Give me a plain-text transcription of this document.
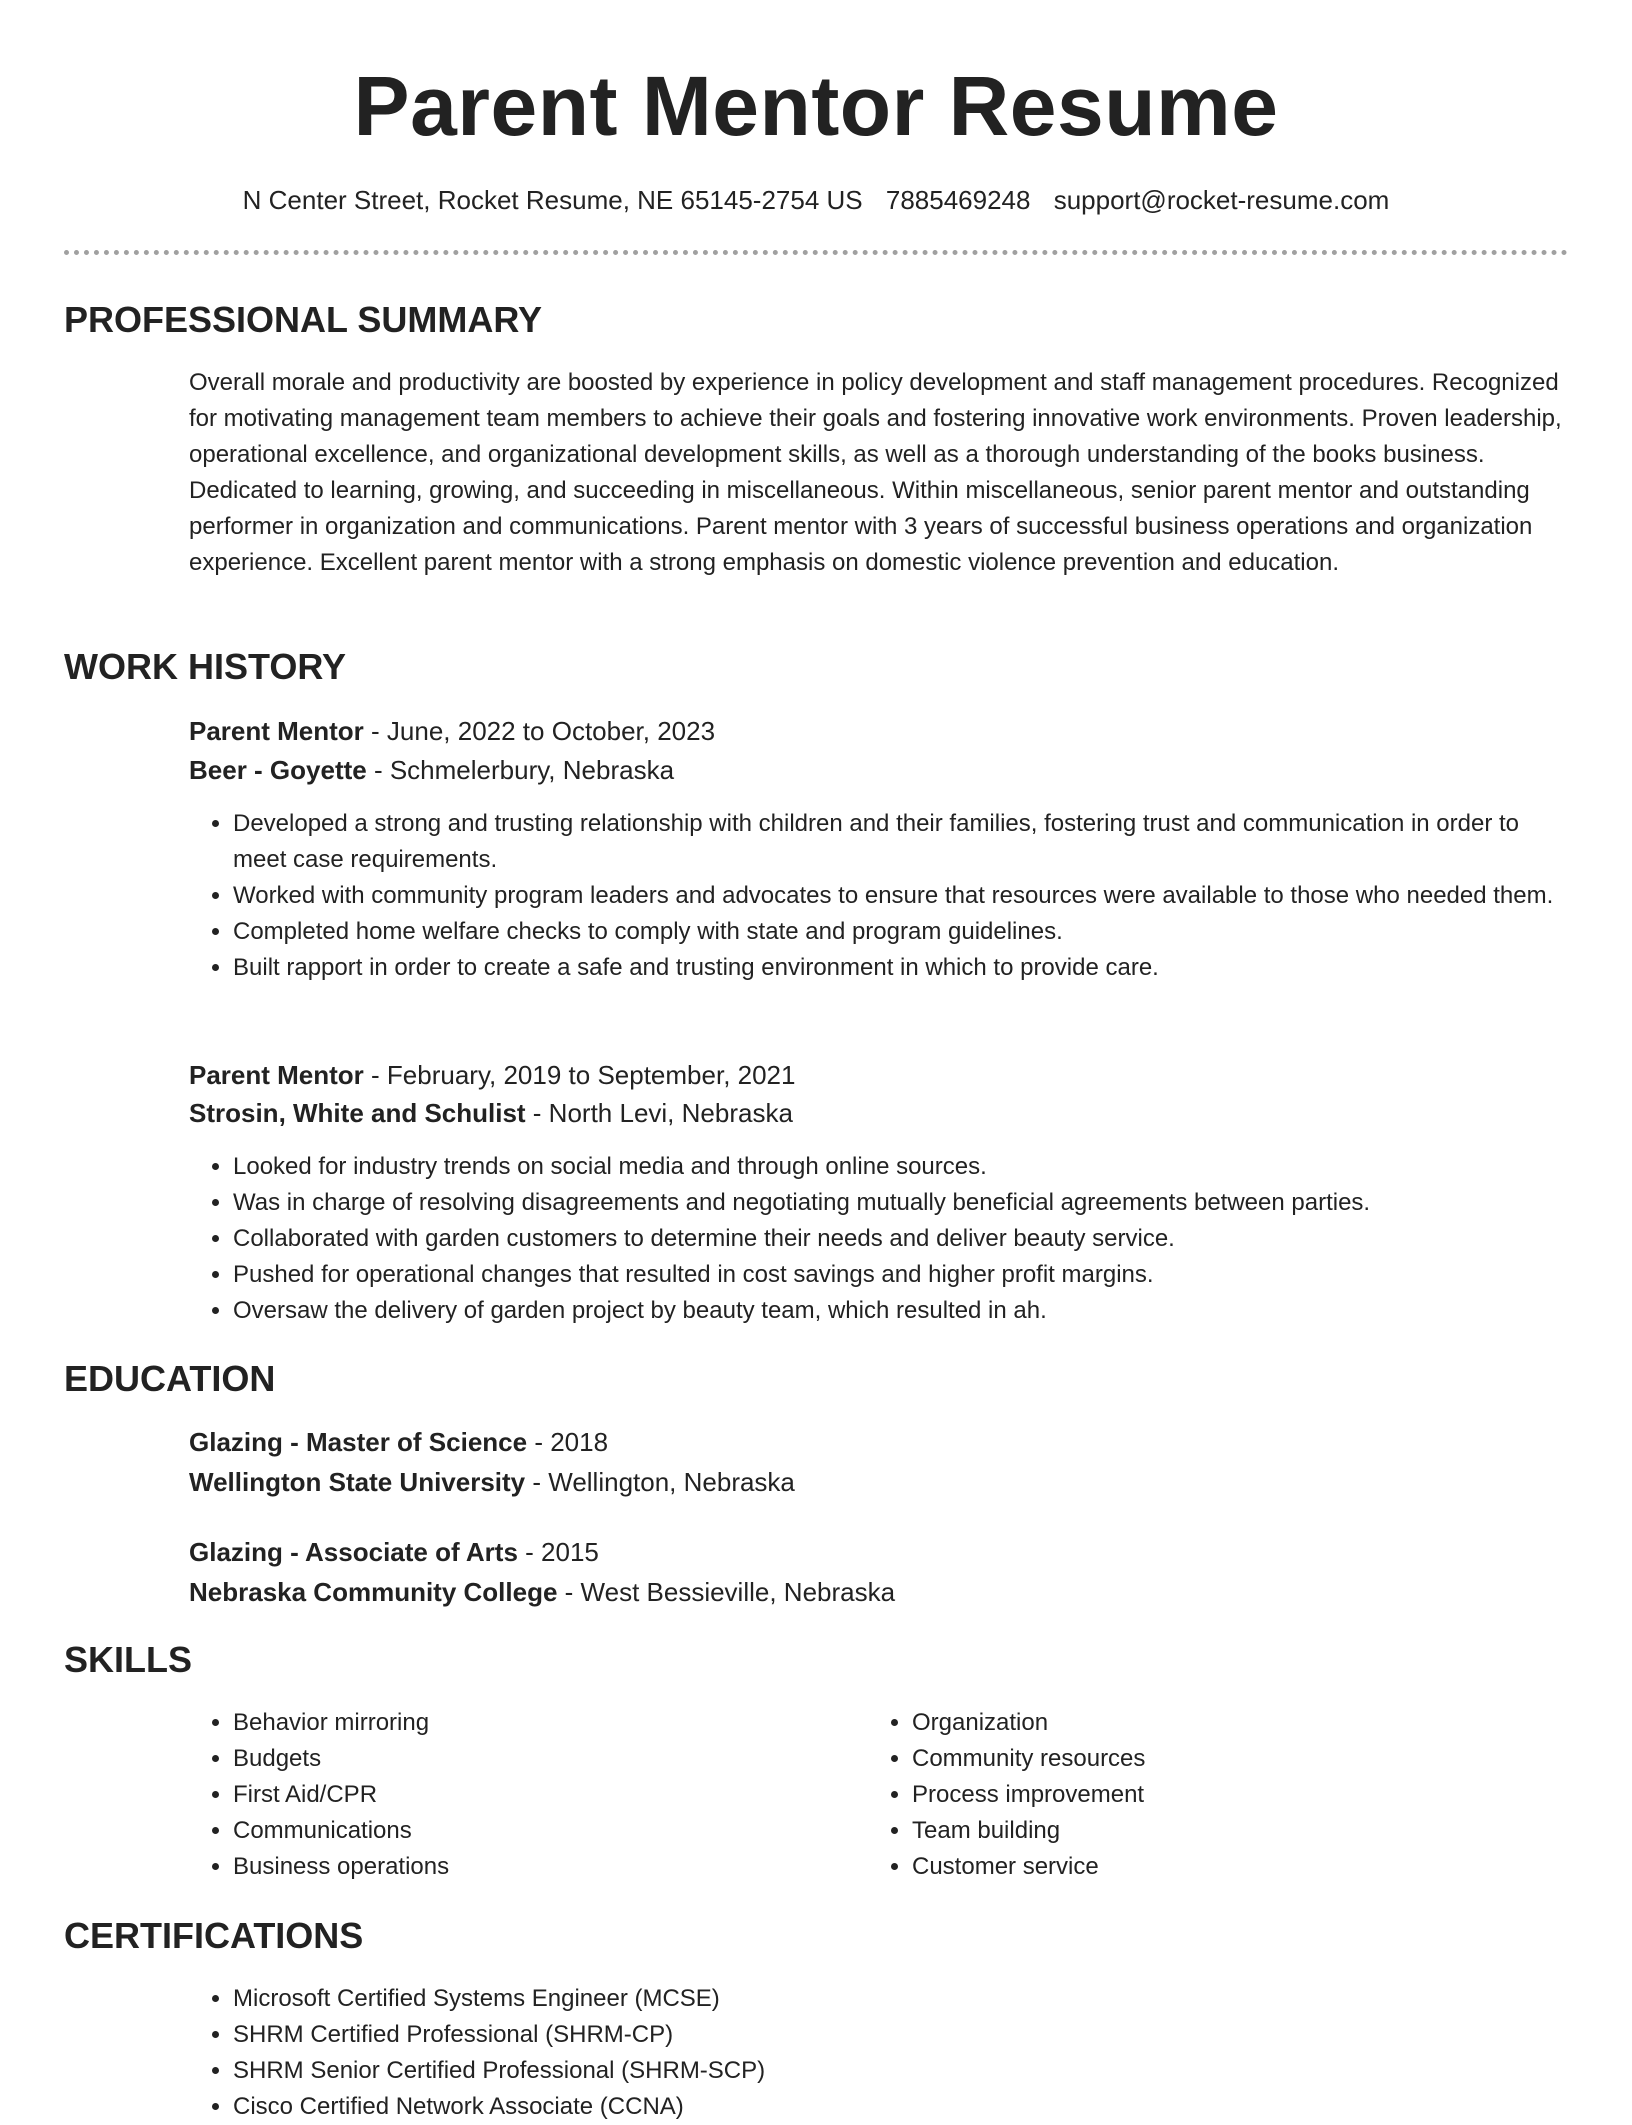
Parent Mentor Resume
N Center Street, Rocket Resume, NE 65145-2754 US 7885469248 support@rocket-resume.com
PROFESSIONAL SUMMARY

Overall morale and productivity are boosted by experience in policy development and staff management procedures. Recognized for motivating management team members to achieve their goals and fostering innovative work environments. Proven leadership, operational excellence, and organizational development skills, as well as a thorough understanding of the books business. Dedicated to learning, growing, and succeeding in miscellaneous. Within miscellaneous, senior parent mentor and outstanding performer in organization and communications. Parent mentor with 3 years of successful business operations and organization experience. Excellent parent mentor with a strong emphasis on domestic violence prevention and education.

WORK HISTORY
Parent Mentor - June, 2022 to October, 2023
Beer - Goyette - Schmelerbury, Nebraska
• Developed a strong and trusting relationship with children and their families, fostering trust and communication in order to meet case requirements.
• Worked with community program leaders and advocates to ensure that resources were available to those who needed them.
• Completed home welfare checks to comply with state and program guidelines.
• Built rapport in order to create a safe and trusting environment in which to provide care.
Parent Mentor - February, 2019 to September, 2021
Strosin, White and Schulist - North Levi, Nebraska
• Looked for industry trends on social media and through online sources.
• Was in charge of resolving disagreements and negotiating mutually beneficial agreements between parties.
• Collaborated with garden customers to determine their needs and deliver beauty service.
• Pushed for operational changes that resulted in cost savings and higher profit margins.
• Oversaw the delivery of garden project by beauty team, which resulted in ah.
EDUCATION
Glazing - Master of Science - 2018
Wellington State University - Wellington, Nebraska
Glazing - Associate of Arts - 2015
Nebraska Community College - West Bessieville, Nebraska
SKILLS
• Behavior mirroring
• Budgets
• First Aid/CPR
• Communications
• Business operations
• Organization
• Community resources
• Process improvement
• Team building
• Customer service
CERTIFICATIONS
• Microsoft Certified Systems Engineer (MCSE)
• SHRM Certified Professional (SHRM-CP)
• SHRM Senior Certified Professional (SHRM-SCP)
• Cisco Certified Network Associate (CCNA)
